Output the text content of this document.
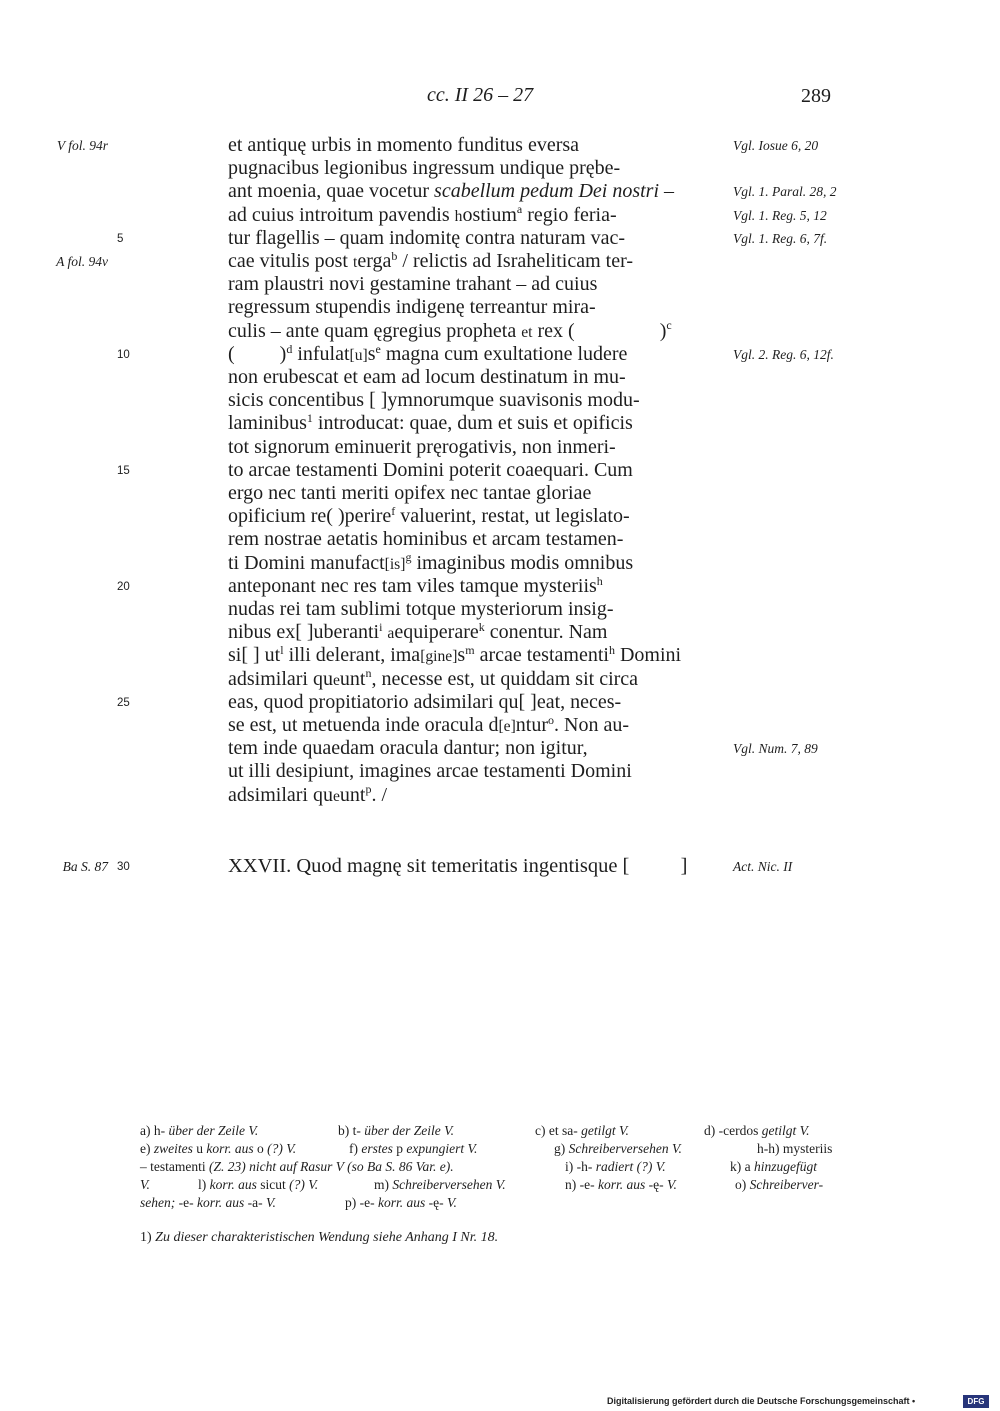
cc. II 26 – 27	289
V fol. 94r	et antiquę urbis in momento funditus eversa	Vgl. Iosue 6, 20
pugnacibus legionibus ingressum undique prębe-
ant moenia, quae vocetur scabellum pedum Dei nostri –	Vgl. 1. Paral. 28, 2
ad cuius introitum pavendis hostium$^a$ regio feria-	Vgl. 1. Reg. 5, 12
5	tur flagellis – quam indomitę contra naturam vac-	Vgl. 1. Reg. 6, 7f.
A fol. 94v	cae vitulis post terga$^b$ / relictis ad Israheliticam ter-
ram plaustri novi gestamine trahant – ad cuius
regressum stupendis indigenę terreantur mira-
culis – ante quam ęgregius propheta et rex (                 )$^c$
10	(         )$^d$ $infulat[u]s^e$ magna cum exultatione ludere	Vgl. 2. Reg. 6, 12f.
non erubescat et eam ad locum destinatum in mu-
sicis concentibus [ ]ymnorumque suavisonis modu-
laminibus$^1$ introducat: quae, dum et suis et opificis
tot signorum eminuerit pręrogativis, non inmeri-
15	to arcae testamenti Domini poterit coaequari. Cum
ergo nec tanti meriti opifex nec tantae gloriae
opificium re( )perire$^f$ valuerint, restat, ut legislato-
rem nostrae aetatis hominibus et arcam testamen-
ti Domini manufact[is]$^g$ imaginibus modis omnibus
20	anteponant nec res tam viles tamque mysteriis$^h$
nudas rei tam sublimi totque mysteriorum insig-
nibus ex[ ]uberanti$^i$ aequiperare$^k$ conentur. Nam
si[ ] $ut^l$ illi delerant, $ima[gine]s^m$ arcae testamenti$^h$ Domini
adsimilari queunt$^n$, necesse est, ut quiddam sit circa
25	eas, quod propitiatorio adsimilari qu[ ]eat, neces-
se est, ut metuenda inde oracula d[e]ntur$^o$. Non au-
tem inde quaedam oracula dantur; non igitur,	Vgl. Num. 7, 89
ut illi desipiunt, imagines arcae testamenti Domini
adsimilari queunt$^p$. /
Ba S. 87 30	XXVII. Quod magnę sit temeritatis ingentisque [          ]	Act. Nic. II
a) h- über der Zeile V.	b) t- über der Zeile V.	c) et sa- getilgt V.	d) -cerdos getilgt V.
e) zweites u korr. aus o (?) V.	f) erstes p expungiert V.	g) Schreiberversehen V.	h-h) mysteriis
– testamenti (Z. 23) nicht auf Rasur V (so Ba S. 86 Var. e).	i) -h- radiert (?) V.	k) a hinzugefügt
V.	l) korr. aus sicut (?) V.	m) Schreiberversehen V.	n) -e- korr. aus -ę- V.	o) Schreiberver-
sehen; -e- korr. aus -a- V.	p) -e- korr. aus -ę- V.
1) Zu dieser charakteristischen Wendung siehe Anhang I Nr. 18.
Digitalisierung gefördert durch die Deutsche Forschungsgemeinschaft •	DFG
